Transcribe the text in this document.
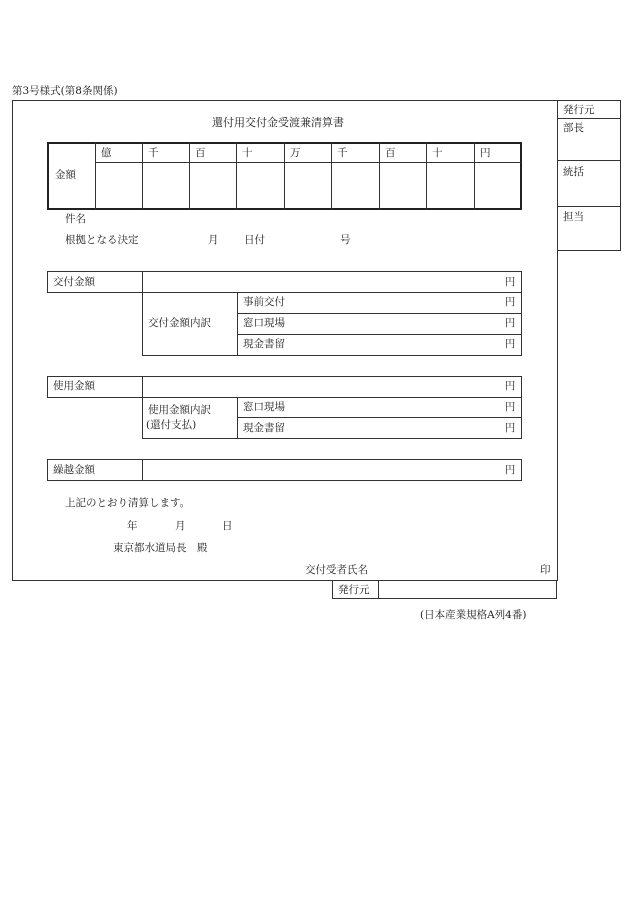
第3号様式(第8条関係)
発行元
部長
統括
担当
還付用交付金受渡兼清算書
金額
億	千	百	十	万	千	百	十	円
件名
根拠となる決定	月 日付	号
交付金額	円
交付金額内訳
事前交付	円
窓口現場	円
現金書留	円
使用金額	円
使用金額内訳
(還付支払)
窓口現場	円
現金書留	円
繰越金額	円
上記のとおり清算します。
年	月	日
東京都水道局長　殿
交付受者氏名	印
発行元
(日本産業規格A列4番)
